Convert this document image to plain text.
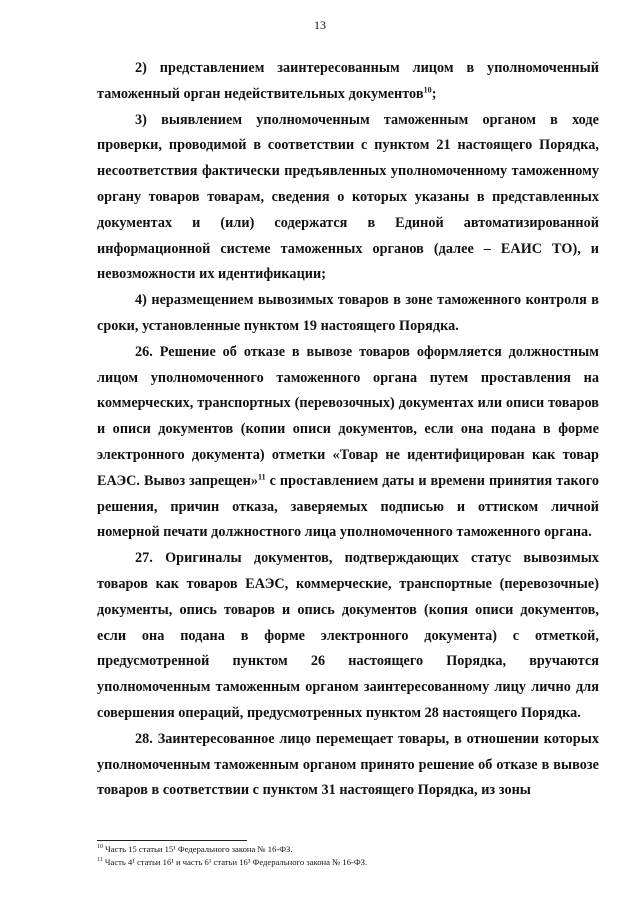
13

2) представлением заинтересованным лицом в уполномоченный таможенный орган недействительных документов$^{10}$;

3) выявлением уполномоченным таможенным органом в ходе проверки, проводимой в соответствии с пунктом 21 настоящего Порядка, несоответствия фактически предъявленных уполномоченному таможенному органу товаров товарам, сведения о которых указаны в представленных документах и (или) содержатся в Единой автоматизированной информационной системе таможенных органов (далее – ЕАИС ТО), и невозможности их идентификации;

4) неразмещением вывозимых товаров в зоне таможенного контроля в сроки, установленные пунктом 19 настоящего Порядка.

26. Решение об отказе в вывозе товаров оформляется должностным лицом уполномоченного таможенного органа путем проставления на коммерческих, транспортных (перевозочных) документах или описи товаров и описи документов (копии описи документов, если она подана в форме электронного документа) отметки «Товар не идентифицирован как товар ЕАЭС. Вывоз запрещен»$^{11}$ с проставлением даты и времени принятия такого решения, причин отказа, заверяемых подписью и оттиском личной номерной печати должностного лица уполномоченного таможенного органа.

27. Оригиналы документов, подтверждающих статус вывозимых товаров как товаров ЕАЭС, коммерческие, транспортные (перевозочные) документы, опись товаров и опись документов (копия описи документов, если она подана в форме электронного документа) с отметкой, предусмотренной пунктом 26 настоящего Порядка, вручаются уполномоченным таможенным органом заинтересованному лицу лично для совершения операций, предусмотренных пунктом 28 настоящего Порядка.

28. Заинтересованное лицо перемещает товары, в отношении которых уполномоченным таможенным органом принято решение об отказе в вывозе товаров в соответствии с пунктом 31 настоящего Порядка, из зоны

$^{10}$ Часть 15 статьи 15¹ Федерального закона № 16-ФЗ.

$^{11}$ Часть 4¹ статьи 16¹ и часть 6¹ статьи 16³ Федерального закона № 16-ФЗ.
